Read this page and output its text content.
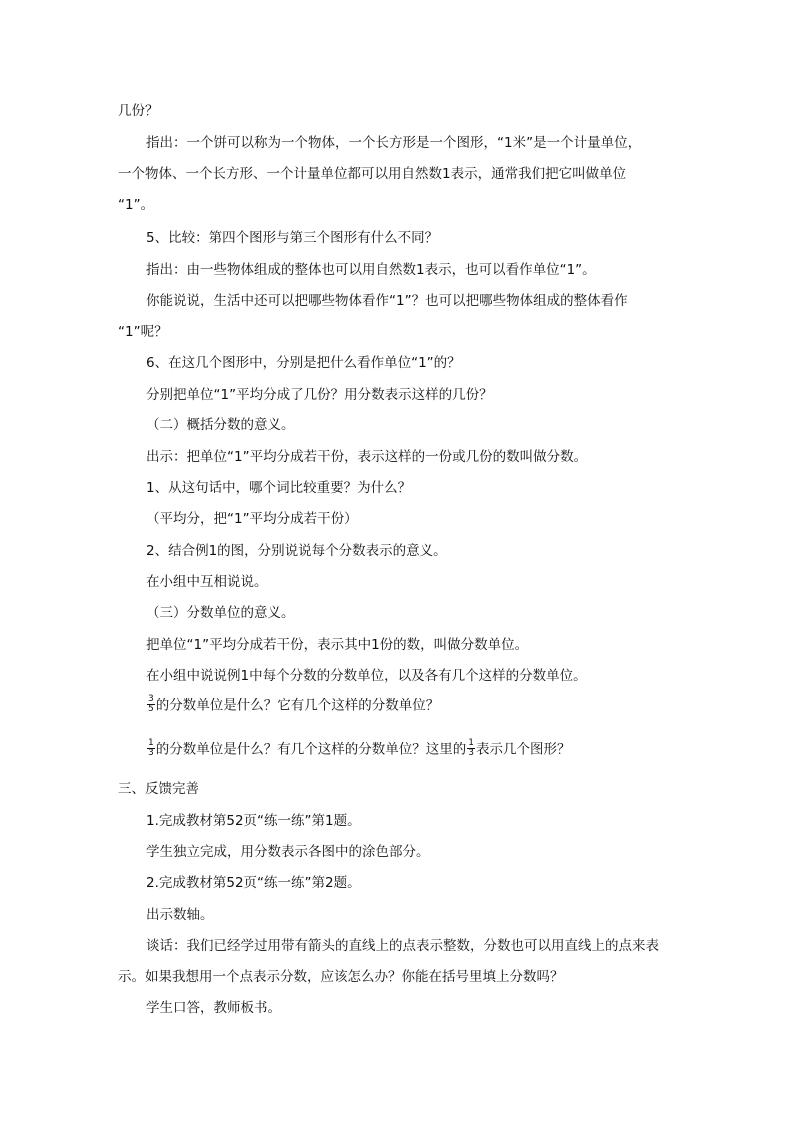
几份？
指出：一个饼可以称为一个物体，一个长方形是一个图形，“1米”是一个计量单位，
一个物体、一个长方形、一个计量单位都可以用自然数1表示，通常我们把它叫做单位
“1”。
5、比较：第四个图形与第三个图形有什么不同？
指出：由一些物体组成的整体也可以用自然数1表示，也可以看作单位“1”。
你能说说，生活中还可以把哪些物体看作“1”？也可以把哪些物体组成的整体看作
“1”呢？
6、在这几个图形中，分别是把什么看作单位“1”的？
分别把单位“1”平均分成了几份？用分数表示这样的几份？
（二）概括分数的意义。
出示：把单位“1”平均分成若干份，表示这样的一份或几份的数叫做分数。
1、从这句话中，哪个词比较重要？为什么？
（平均分，把“1”平均分成若干份）
2、结合例1的图，分别说说每个分数表示的意义。
在小组中互相说说。
（三）分数单位的意义。
把单位“1”平均分成若干份，表示其中1份的数，叫做分数单位。
在小组中说说例1中每个分数的分数单位，以及各有几个这样的分数单位。
$\frac{3}{5}$ 的分数单位是什么？它有几个这样的分数单位？
$\frac{1}{3}$ 的分数单位是什么？有几个这样的分数单位？这里的 $\frac{1}{3}$ 表示几个图形？
三、反馈完善
1.完成教材第52页“练一练”第1题。
学生独立完成，用分数表示各图中的涂色部分。
2.完成教材第52页“练一练”第2题。
出示数轴。
谈话：我们已经学过用带有箭头的直线上的点表示整数，分数也可以用直线上的点来表
示。如果我想用一个点表示分数，应该怎么办？你能在括号里填上分数吗？
学生口答，教师板书。
